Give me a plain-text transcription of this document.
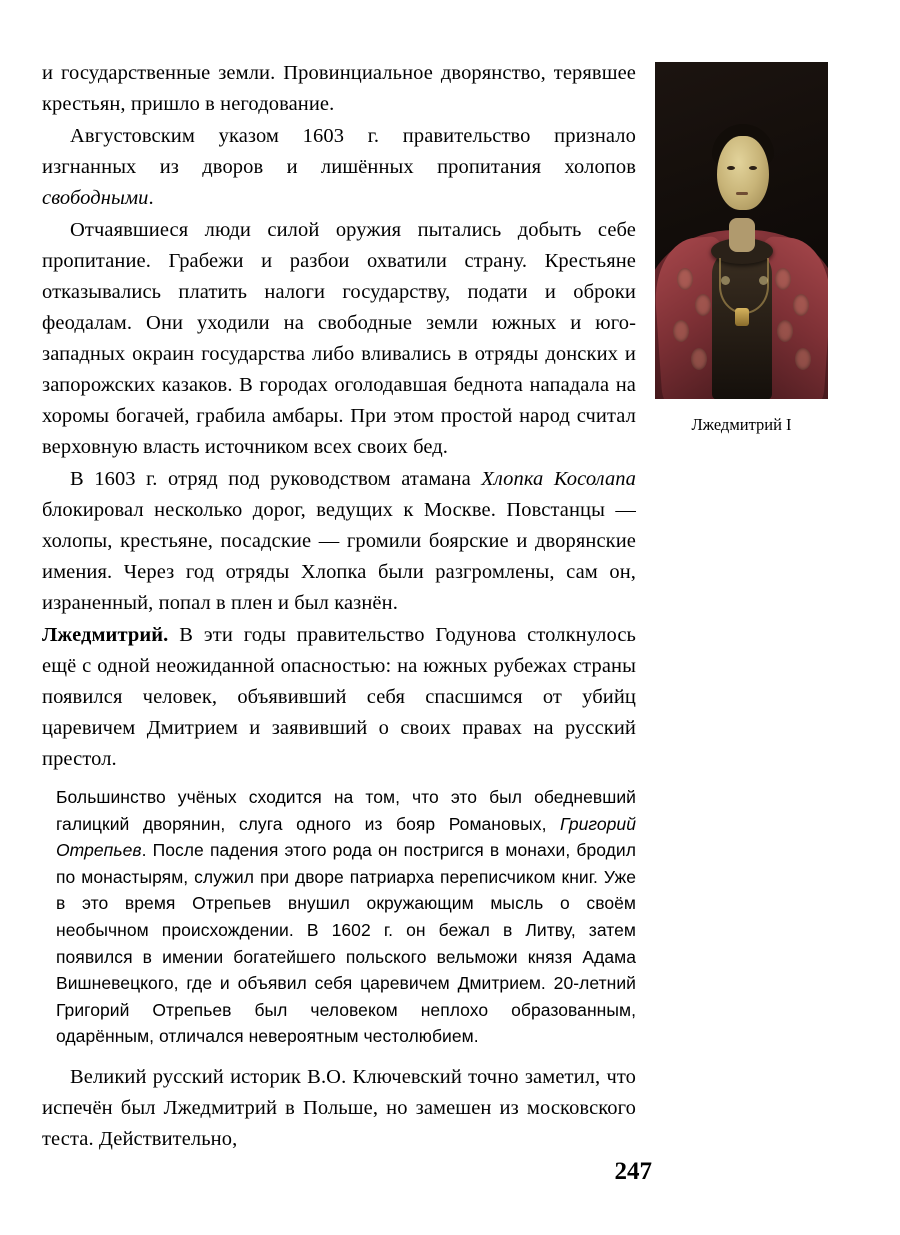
и государственные земли. Провинциальное дворянство, терявшее крестьян, пришло в негодование.

Августовским указом 1603 г. правительство признало изгнанных из дворов и лишённых пропитания холопов свободными.

Отчаявшиеся люди силой оружия пытались добыть себе пропитание. Грабежи и разбои охватили страну. Крестьяне отказывались платить налоги государству, подати и оброки феодалам. Они уходили на свободные земли южных и юго-западных окраин государства либо вливались в отряды донских и запорожских казаков. В городах оголодавшая беднота нападала на хоромы богачей, грабила амбары. При этом простой народ считал верховную власть источником всех своих бед.

В 1603 г. отряд под руководством атамана Хлопка Косолапа блокировал несколько дорог, ведущих к Москве. Повстанцы — холопы, крестьяне, посадские — громили боярские и дворянские имения. Через год отряды Хлопка были разгромлены, сам он, израненный, попал в плен и был казнён.

Лжедмитрий. В эти годы правительство Годунова столкнулось ещё с одной неожиданной опасностью: на южных рубежах страны появился человек, объявивший себя спасшимся от убийц царевичем Дмитрием и заявивший о своих правах на русский престол.

Лжедмитрий I

Большинство учёных сходится на том, что это был обедневший галицкий дворянин, слуга одного из бояр Романовых, Григорий Отрепьев. После падения этого рода он постригся в монахи, бродил по монастырям, служил при дворе патриарха переписчиком книг. Уже в это время Отрепьев внушил окружающим мысль о своём необычном происхождении. В 1602 г. он бежал в Литву, затем появился в имении богатейшего польского вельможи князя Адама Вишневецкого, где и объявил себя царевичем Дмитрием. 20-летний Григорий Отрепьев был человеком неплохо образованным, одарённым, отличался невероятным честолюбием.

Великий русский историк В.О. Ключевский точно заметил, что испечён был Лжедмитрий в Польше, но замешен из московского теста. Действительно,

247
